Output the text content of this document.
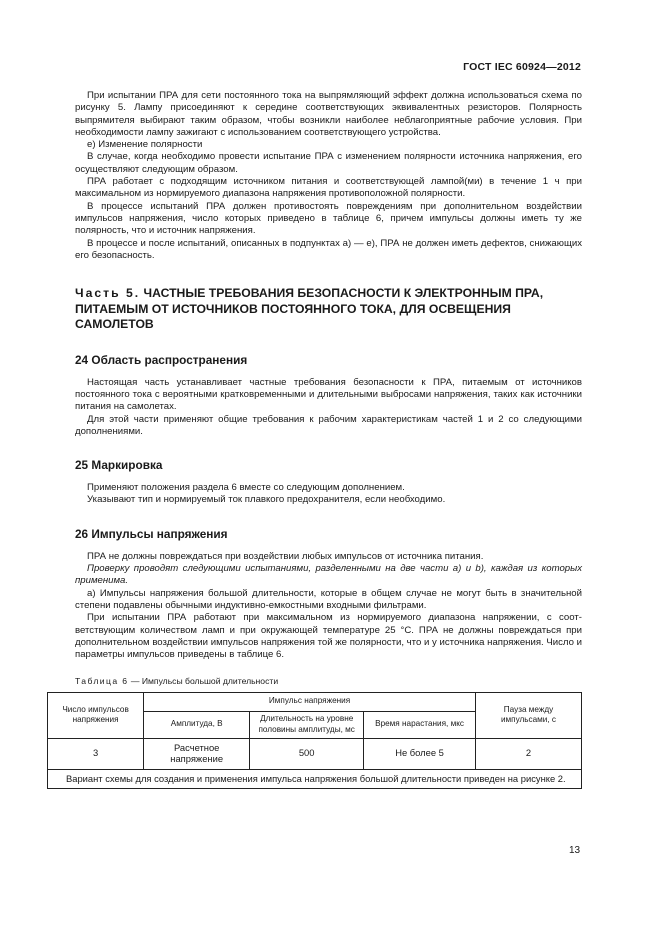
ГОСТ IEC 60924—2012

При испытании ПРА для сети постоянного тока на выпрямляющий эффект должна использоваться схема по рисунку 5. Лампу присоединяют к середине соответствующих эквивалентных резисторов. Полярность выпрямителя выбирают таким образом, чтобы возникли наиболее неблагоприятные рабочие условия. При необходимости лампу зажигают с использованием соответствующего устройства.

е) Изменение полярности

В случае, когда необходимо провести испытание ПРА с изменением полярности источника напряжения, его осуществляют следующим образом.

ПРА работает с подходящим источником питания и соответствующей лампой(ми) в течение 1 ч при максимальном из нормируемого диапазона напряжения противоположной полярности.

В процессе испытаний ПРА должен противостоять повреждениям при дополнительном воздействии импульсов напряжения, число которых приведено в таблице 6, причем импульсы должны иметь ту же полярность, что и источник напряжения.

В процессе и после испытаний, описанных в подпунктах а) — е), ПРА не должен иметь дефектов, снижающих его безопасность.

Часть 5. ЧАСТНЫЕ ТРЕБОВАНИЯ БЕЗОПАСНОСТИ К ЭЛЕКТРОННЫМ ПРА, ПИТАЕМЫМ ОТ ИСТОЧНИКОВ ПОСТОЯННОГО ТОКА, ДЛЯ ОСВЕЩЕНИЯ САМОЛЕТОВ
24 Область распространения

Настоящая часть устанавливает частные требования безопасности к ПРА, питаемым от источников постоянного тока с вероятными кратковременными и длительными выбросами напряжения, таких как источники питания на самолетах.

Для этой части применяют общие требования к рабочим характеристикам частей 1 и 2 со следующими дополнениями.

25 Маркировка

Применяют положения раздела 6 вместе со следующим дополнением.

Указывают тип и нормируемый ток плавкого предохранителя, если необходимо.

26 Импульсы напряжения

ПРА не должны повреждаться при воздействии любых импульсов от источника питания.

Проверку проводят следующими испытаниями, разделенными на две части а) и b), каждая из которых применима.

а) Импульсы напряжения большой длительности, которые в общем случае не могут быть в значительной степени подавлены обычными индуктивно-емкостными входными фильтрами.

При испытании ПРА работают при максимальном из нормируемого диапазона напряжении, с соответствующим количеством ламп и при окружающей температуре 25 °С. ПРА не должны повреждаться при дополнительном воздействии импульсов напряжения той же полярности, что и у источника напряжения. Число и параметры импульсов приведены в таблице 6.

Таблица 6 — Импульсы большой длительности
Число импульсов напряжения	Импульс напряжения			Пауза между импульсами, с
	Амплитуда, В	Длительность на уровне половины амплитуды, мс	Время нарастания, мкс	
3	Расчетное напряжение	500	Не более 5	2
Вариант схемы для создания и применения импульса напряжения большой длительности приведен на рисунке 2.				
13
